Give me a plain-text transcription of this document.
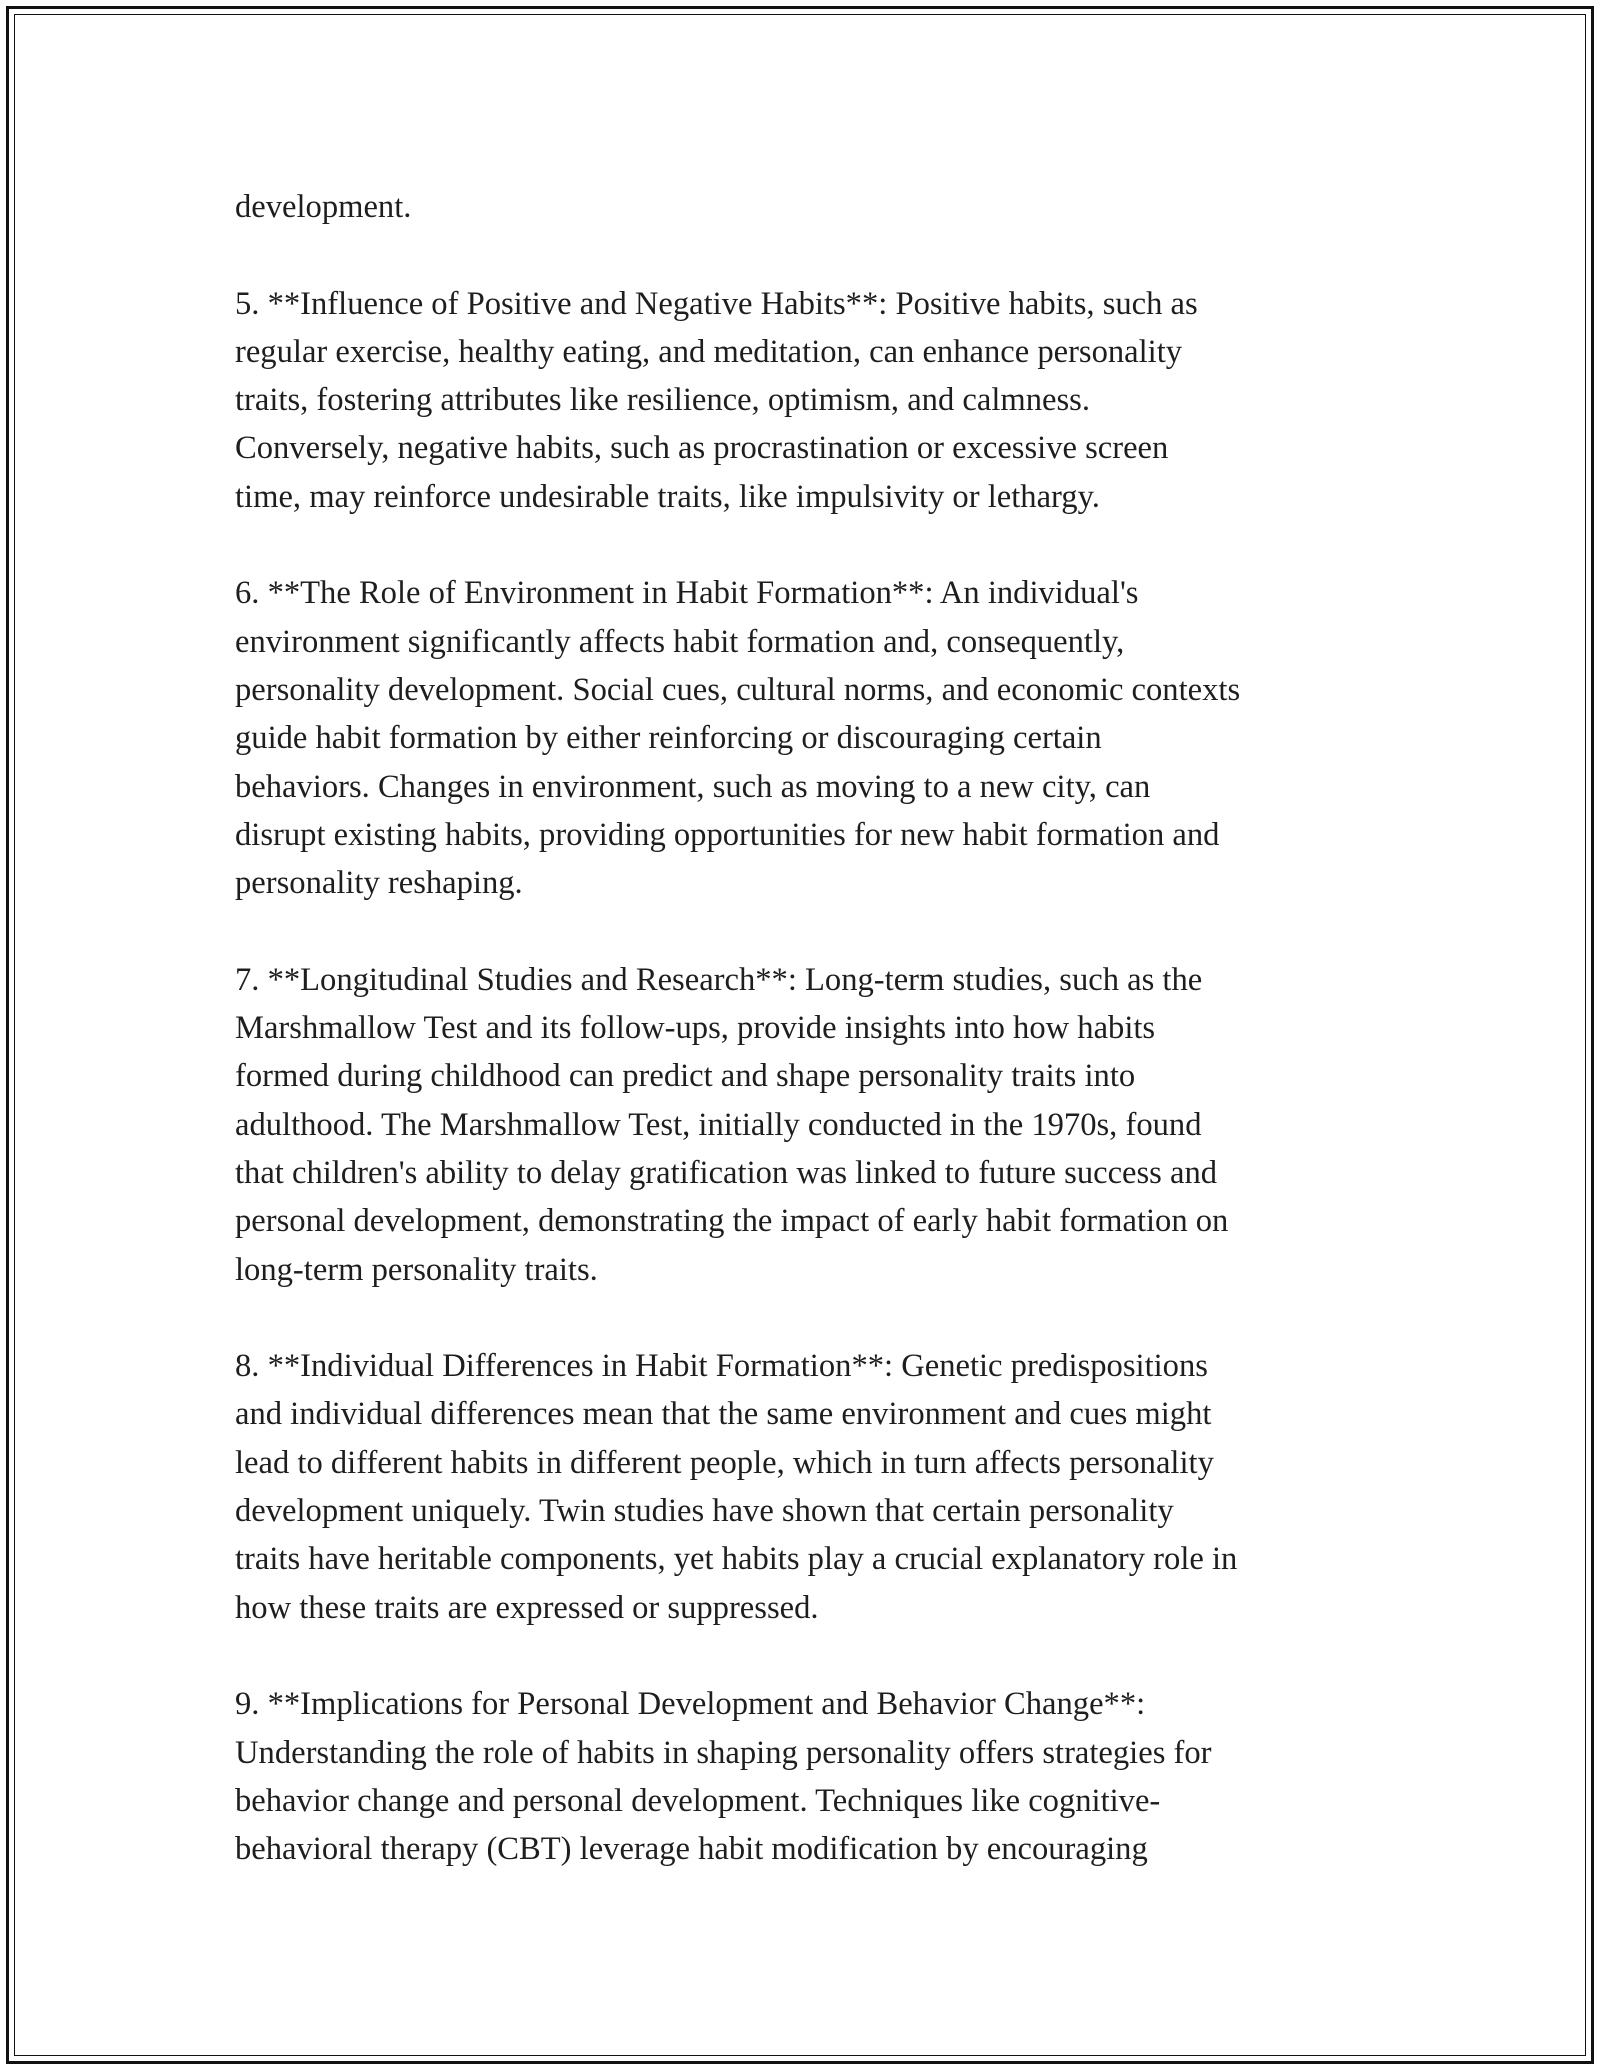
development.

5. **Influence of Positive and Negative Habits**: Positive habits, such as
regular exercise, healthy eating, and meditation, can enhance personality
traits, fostering attributes like resilience, optimism, and calmness.
Conversely, negative habits, such as procrastination or excessive screen
time, may reinforce undesirable traits, like impulsivity or lethargy.

6. **The Role of Environment in Habit Formation**: An individual's
environment significantly affects habit formation and, consequently,
personality development. Social cues, cultural norms, and economic contexts
guide habit formation by either reinforcing or discouraging certain
behaviors. Changes in environment, such as moving to a new city, can
disrupt existing habits, providing opportunities for new habit formation and
personality reshaping.

7. **Longitudinal Studies and Research**: Long-term studies, such as the
Marshmallow Test and its follow-ups, provide insights into how habits
formed during childhood can predict and shape personality traits into
adulthood. The Marshmallow Test, initially conducted in the 1970s, found
that children's ability to delay gratification was linked to future success and
personal development, demonstrating the impact of early habit formation on
long-term personality traits.

8. **Individual Differences in Habit Formation**: Genetic predispositions
and individual differences mean that the same environment and cues might
lead to different habits in different people, which in turn affects personality
development uniquely. Twin studies have shown that certain personality
traits have heritable components, yet habits play a crucial explanatory role in
how these traits are expressed or suppressed.

9. **Implications for Personal Development and Behavior Change**:
Understanding the role of habits in shaping personality offers strategies for
behavior change and personal development. Techniques like cognitive-
behavioral therapy (CBT) leverage habit modification by encouraging
